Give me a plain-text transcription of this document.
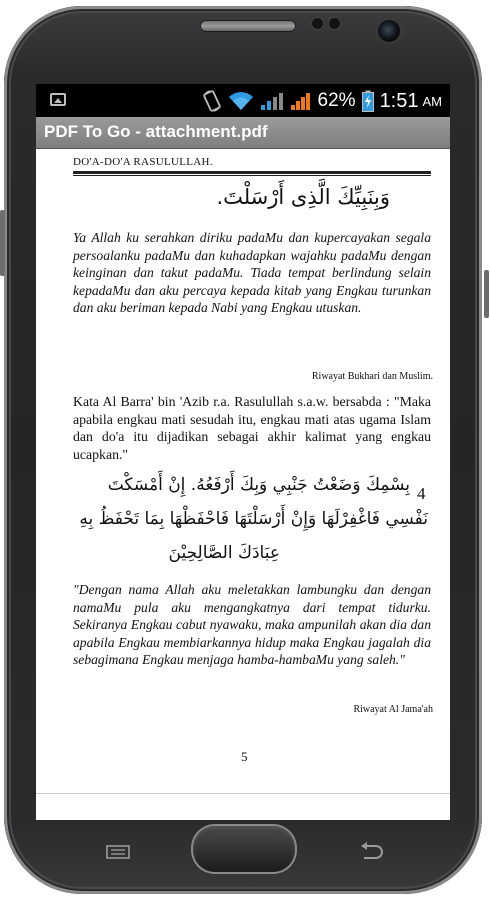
62% 1:51 AM
PDF To Go - attachment.pdf
DO'A-DO'A RASULULLAH.
وَبِنَبِيِّكَ الَّذِى أَرْسَلْتَ.
Ya Allah ku serahkan diriku padaMu dan kupercayakan segala persoalanku padaMu dan kuhadapkan wajahku padaMu dengan keinginan dan takut padaMu. Tiada tempat berlindung selain kepadaMu dan aku percaya kepada kitab yang Engkau turunkan dan aku beriman kepada Nabi yang Engkau utuskan.
Riwayat Bukhari dan Muslim.
Kata Al Barra' bin 'Azib r.a. Rasulullah s.a.w. bersabda : "Maka apabila engkau mati sesudah itu, engkau mati atas ugama Islam dan do'a itu dijadikan sebagai akhir kalimat yang engkau ucapkan."
4
بِسْمِكَ وَضَعْتُ جَنْبِي وَبِكَ أَرْفَعُهُ. إِنْ أَمْسَكْتَ
نَفْسِي فَاغْفِرْلَهَا وَإِنْ أَرْسَلْتَهَا فَاحْفَظْهَا بِمَا تَحْفَظُ بِهِ
عِبَادَكَ الصَّالِحِيْنَ
"Dengan nama Allah aku meletakkan lambungku dan dengan namaMu pula aku mengangkatnya dari tempat tidurku. Sekiranya Engkau cabut nyawaku, maka ampunilah akan dia dan apabila Engkau membiarkannya hidup maka Engkau jagalah dia sebagimana Engkau menjaga hamba-hambaMu yang saleh."
Riwayat Al Jama'ah
5
